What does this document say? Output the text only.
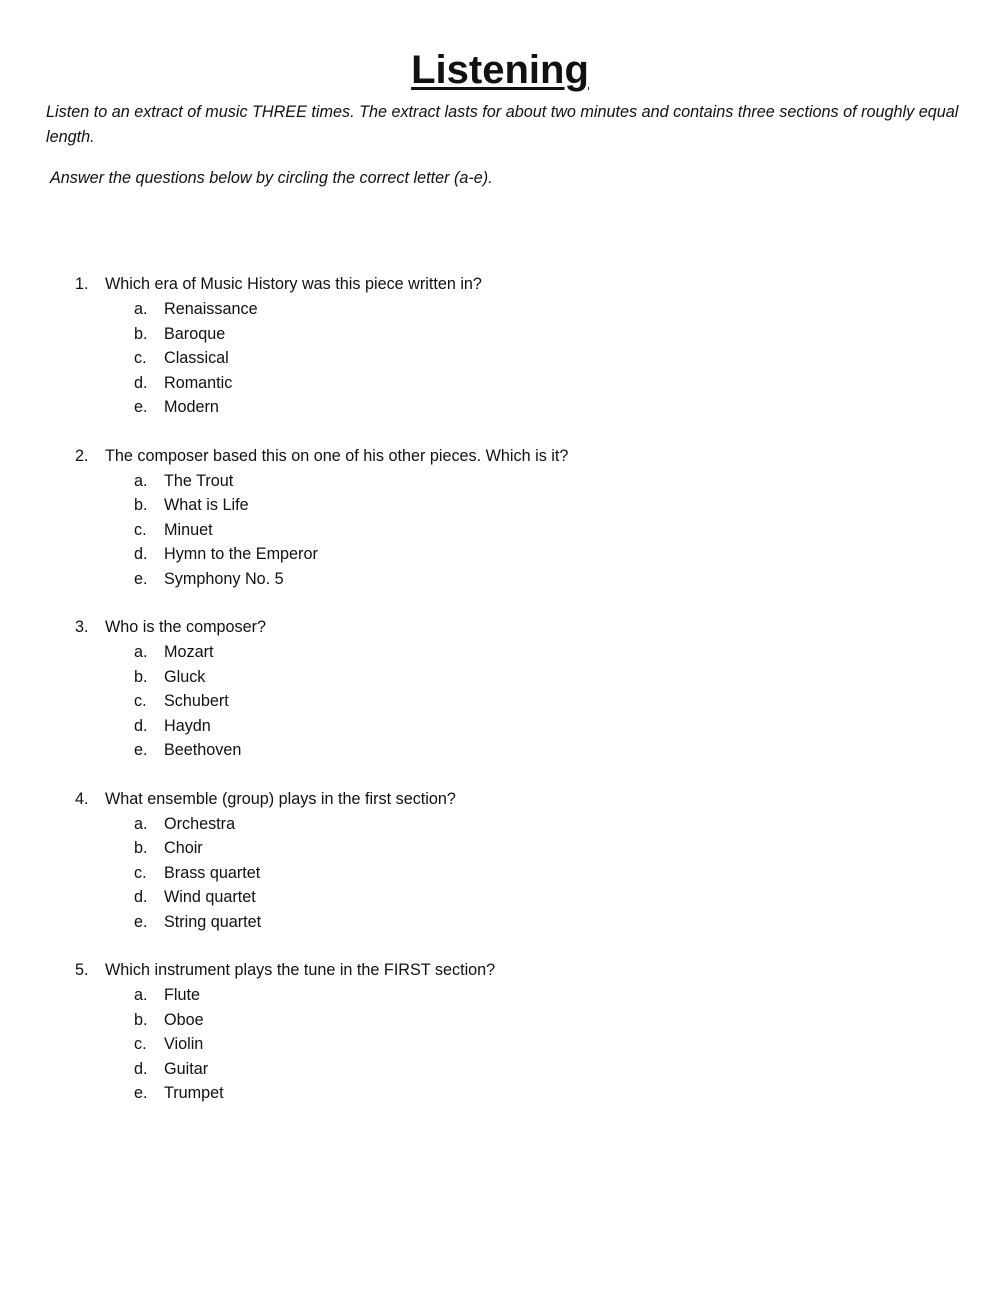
Listening

Listen to an extract of music THREE times. The extract lasts for about two minutes and contains three sections of roughly equal length.

Answer the questions below by circling the correct letter (a-e).

1. Which era of Music History was this piece written in?
a. Renaissance
b. Baroque
c. Classical
d. Romantic
e. Modern
2. The composer based this on one of his other pieces. Which is it?
a. The Trout
b. What is Life
c. Minuet
d. Hymn to the Emperor
e. Symphony No. 5
3. Who is the composer?
a. Mozart
b. Gluck
c. Schubert
d. Haydn
e. Beethoven
4. What ensemble (group) plays in the first section?
a. Orchestra
b. Choir
c. Brass quartet
d. Wind quartet
e. String quartet
5. Which instrument plays the tune in the FIRST section?
a. Flute
b. Oboe
c. Violin
d. Guitar
e. Trumpet
